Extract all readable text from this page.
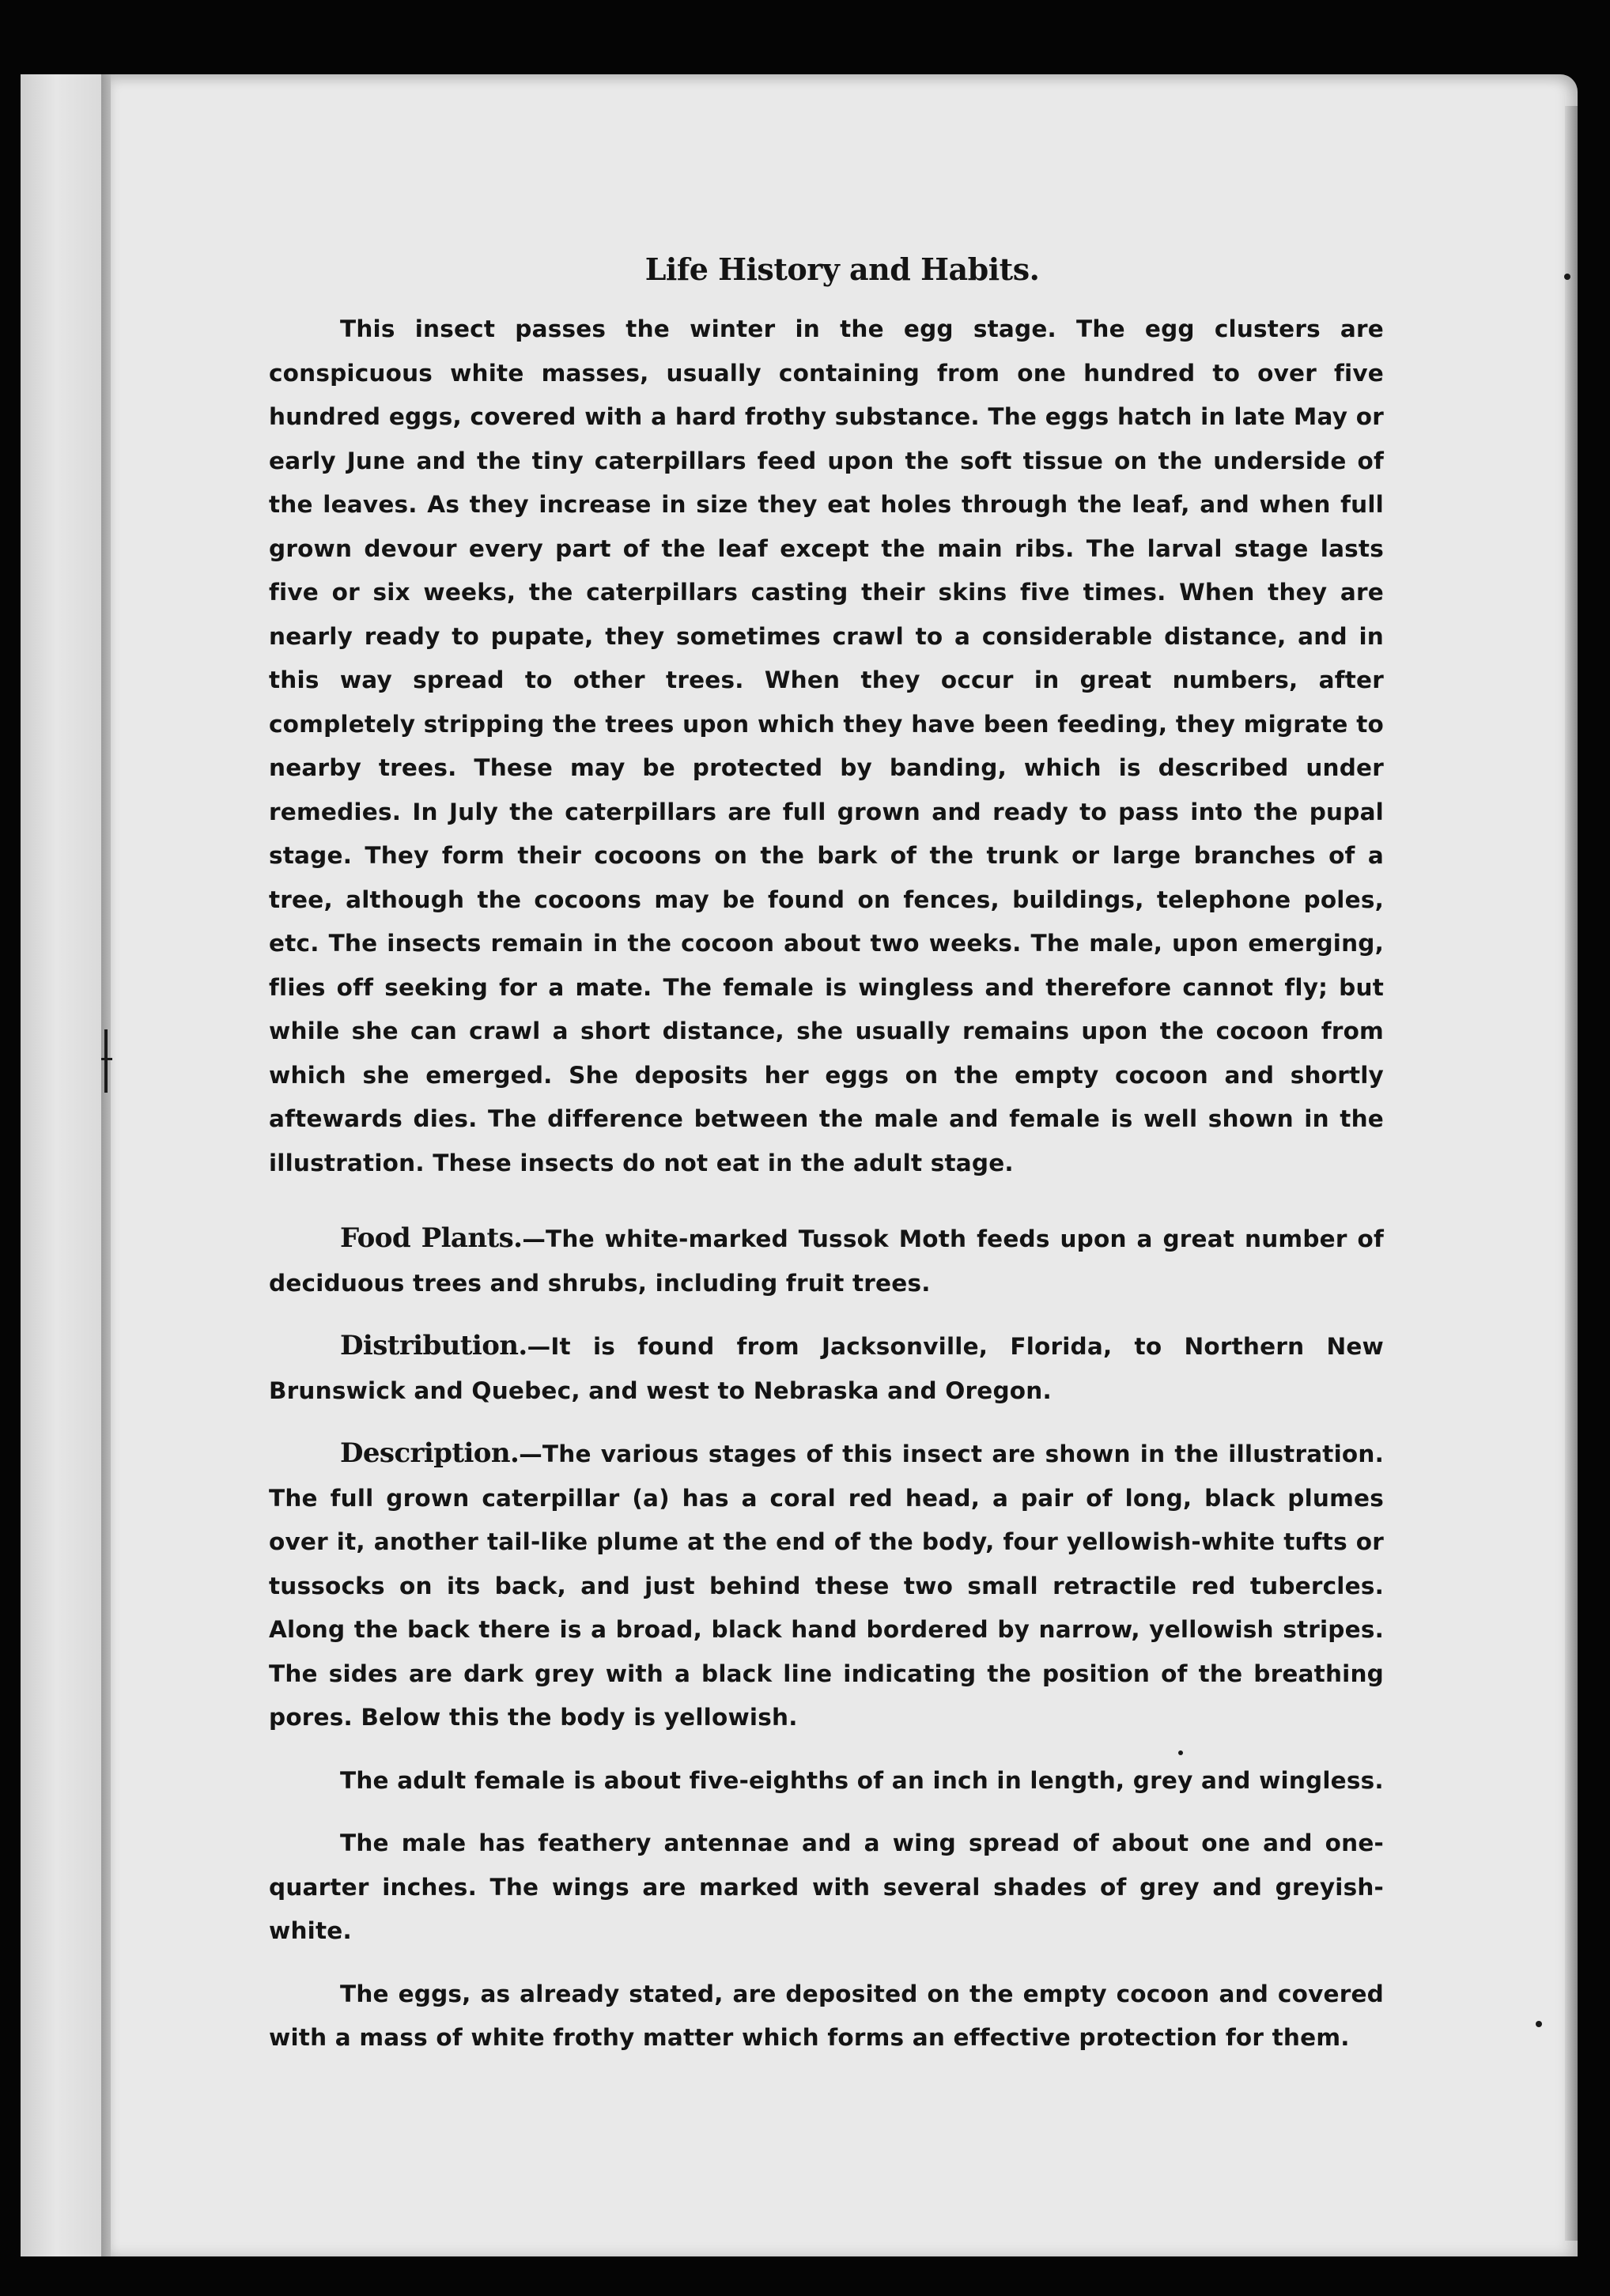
Life History and Habits.

This insect passes the winter in the egg stage. The egg clusters are conspicuous white masses, usually containing from one hundred to over five hundred eggs, covered with a hard frothy substance. The eggs hatch in late May or early June and the tiny caterpillars feed upon the soft tissue on the underside of the leaves. As they increase in size they eat holes through the leaf, and when full grown devour every part of the leaf except the main ribs. The larval stage lasts five or six weeks, the caterpillars casting their skins five times. When they are nearly ready to pupate, they sometimes crawl to a considerable distance, and in this way spread to other trees. When they occur in great numbers, after completely stripping the trees upon which they have been feeding, they migrate to nearby trees. These may be protected by banding, which is described under remedies. In July the caterpillars are full grown and ready to pass into the pupal stage. They form their cocoons on the bark of the trunk or large branches of a tree, although the cocoons may be found on fences, buildings, telephone poles, etc. The insects remain in the cocoon about two weeks. The male, upon emerging, flies off seeking for a mate. The female is wingless and therefore cannot fly; but while she can crawl a short distance, she usually remains upon the cocoon from which she emerged. She deposits her eggs on the empty cocoon and shortly aftewards dies. The difference between the male and female is well shown in the illustration. These insects do not eat in the adult stage.

Food Plants.—The white-marked Tussok Moth feeds upon a great number of deciduous trees and shrubs, including fruit trees.

Distribution.—It is found from Jacksonville, Florida, to Northern New Brunswick and Quebec, and west to Nebraska and Oregon.

Description.—The various stages of this insect are shown in the illustration. The full grown caterpillar (a) has a coral red head, a pair of long, black plumes over it, another tail-like plume at the end of the body, four yellowish-white tufts or tussocks on its back, and just behind these two small retractile red tubercles. Along the back there is a broad, black hand bordered by narrow, yellowish stripes. The sides are dark grey with a black line indicating the position of the breathing pores. Below this the body is yellowish.

The adult female is about five-eighths of an inch in length, grey and wingless.

The male has feathery antennae and a wing spread of about one and one-quarter inches. The wings are marked with several shades of grey and greyish-white.

The eggs, as already stated, are deposited on the empty cocoon and covered with a mass of white frothy matter which forms an effective protection for them.
